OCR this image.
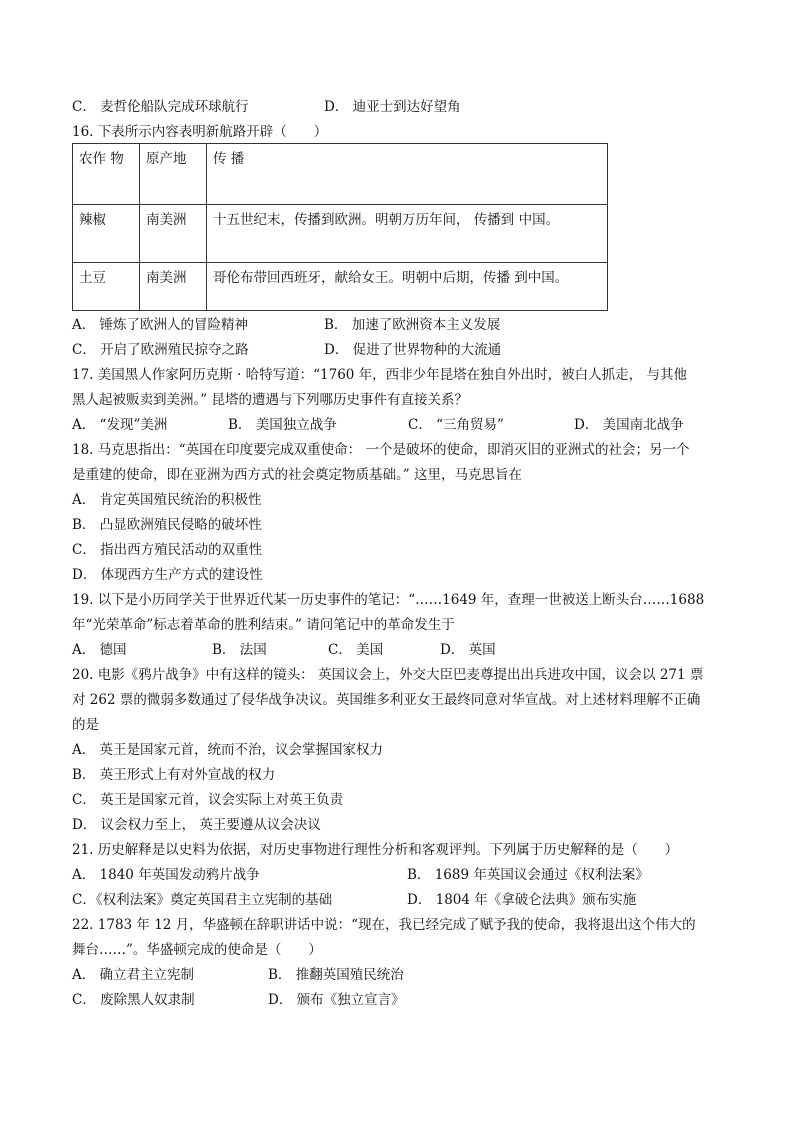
C． 麦哲伦船队完成环球航行	D． 迪亚士到达好望角
16. 下表所示内容表明新航路开辟（　　）
农作 物	原产地	传 播
辣椒	南美洲	十五世纪末，传播到欧洲。明朝万历年间， 传播到 中国。
土豆	南美洲	哥伦布带回西班牙，献给女王。明朝中后期，传播 到中国。
A． 锤炼了欧洲人的冒险精神	B． 加速了欧洲资本主义发展
C． 开启了欧洲殖民掠夺之路	D． 促进了世界物种的大流通
17. 美国黑人作家阿历克斯 · 哈特写道：“1760 年，西非少年昆塔在独自外出时，被白人抓走， 与其他
黑人起被贩卖到美洲。” 昆塔的遭遇与下列哪历史事件有直接关系？
A． “发现”美洲	B． 美国独立战争	C． “三角贸易”	D． 美国南北战争
18. 马克思指出：“英国在印度要完成双重使命： 一个是破坏的使命，即消灭旧的亚洲式的社会；另一个
是重建的使命，即在亚洲为西方式的社会奠定物质基础。” 这里，马克思旨在
A． 肯定英国殖民统治的积极性
B． 凸显欧洲殖民侵略的破坏性
C． 指出西方殖民活动的双重性
D． 体现西方生产方式的建设性
19. 以下是小历同学关于世界近代某一历史事件的笔记：“……1649 年，查理一世被送上断头台……1688
年“光荣革命”标志着革命的胜利结束。” 请问笔记中的革命发生于
A． 德国	B． 法国	C． 美国	D． 英国
20. 电影《鸦片战争》中有这样的镜头： 英国议会上，外交大臣巴麦尊提出出兵进攻中国，议会以 271 票
对 262 票的微弱多数通过了侵华战争决议。英国维多利亚女王最终同意对华宣战。对上述材料理解不正确
的是
A． 英王是国家元首，统而不治，议会掌握国家权力
B． 英王形式上有对外宣战的权力
C． 英王是国家元首，议会实际上对英王负责
D． 议会权力至上， 英王要遵从议会决议
21. 历史解释是以史料为依据，对历史事物进行理性分析和客观评判。下列属于历史解释的是（　　）
A． 1840 年英国发动鸦片战争	B． 1689 年英国议会通过《权利法案》
C．《权利法案》奠定英国君主立宪制的基础	D． 1804 年《拿破仑法典》颁布实施
22. 1783 年 12 月，华盛顿在辞职讲话中说：“现在，我已经完成了赋予我的使命，我将退出这个伟大的
舞台……”。华盛顿完成的使命是（　　）
A． 确立君主立宪制	B． 推翻英国殖民统治
C． 废除黑人奴隶制	D． 颁布《独立宣言》
